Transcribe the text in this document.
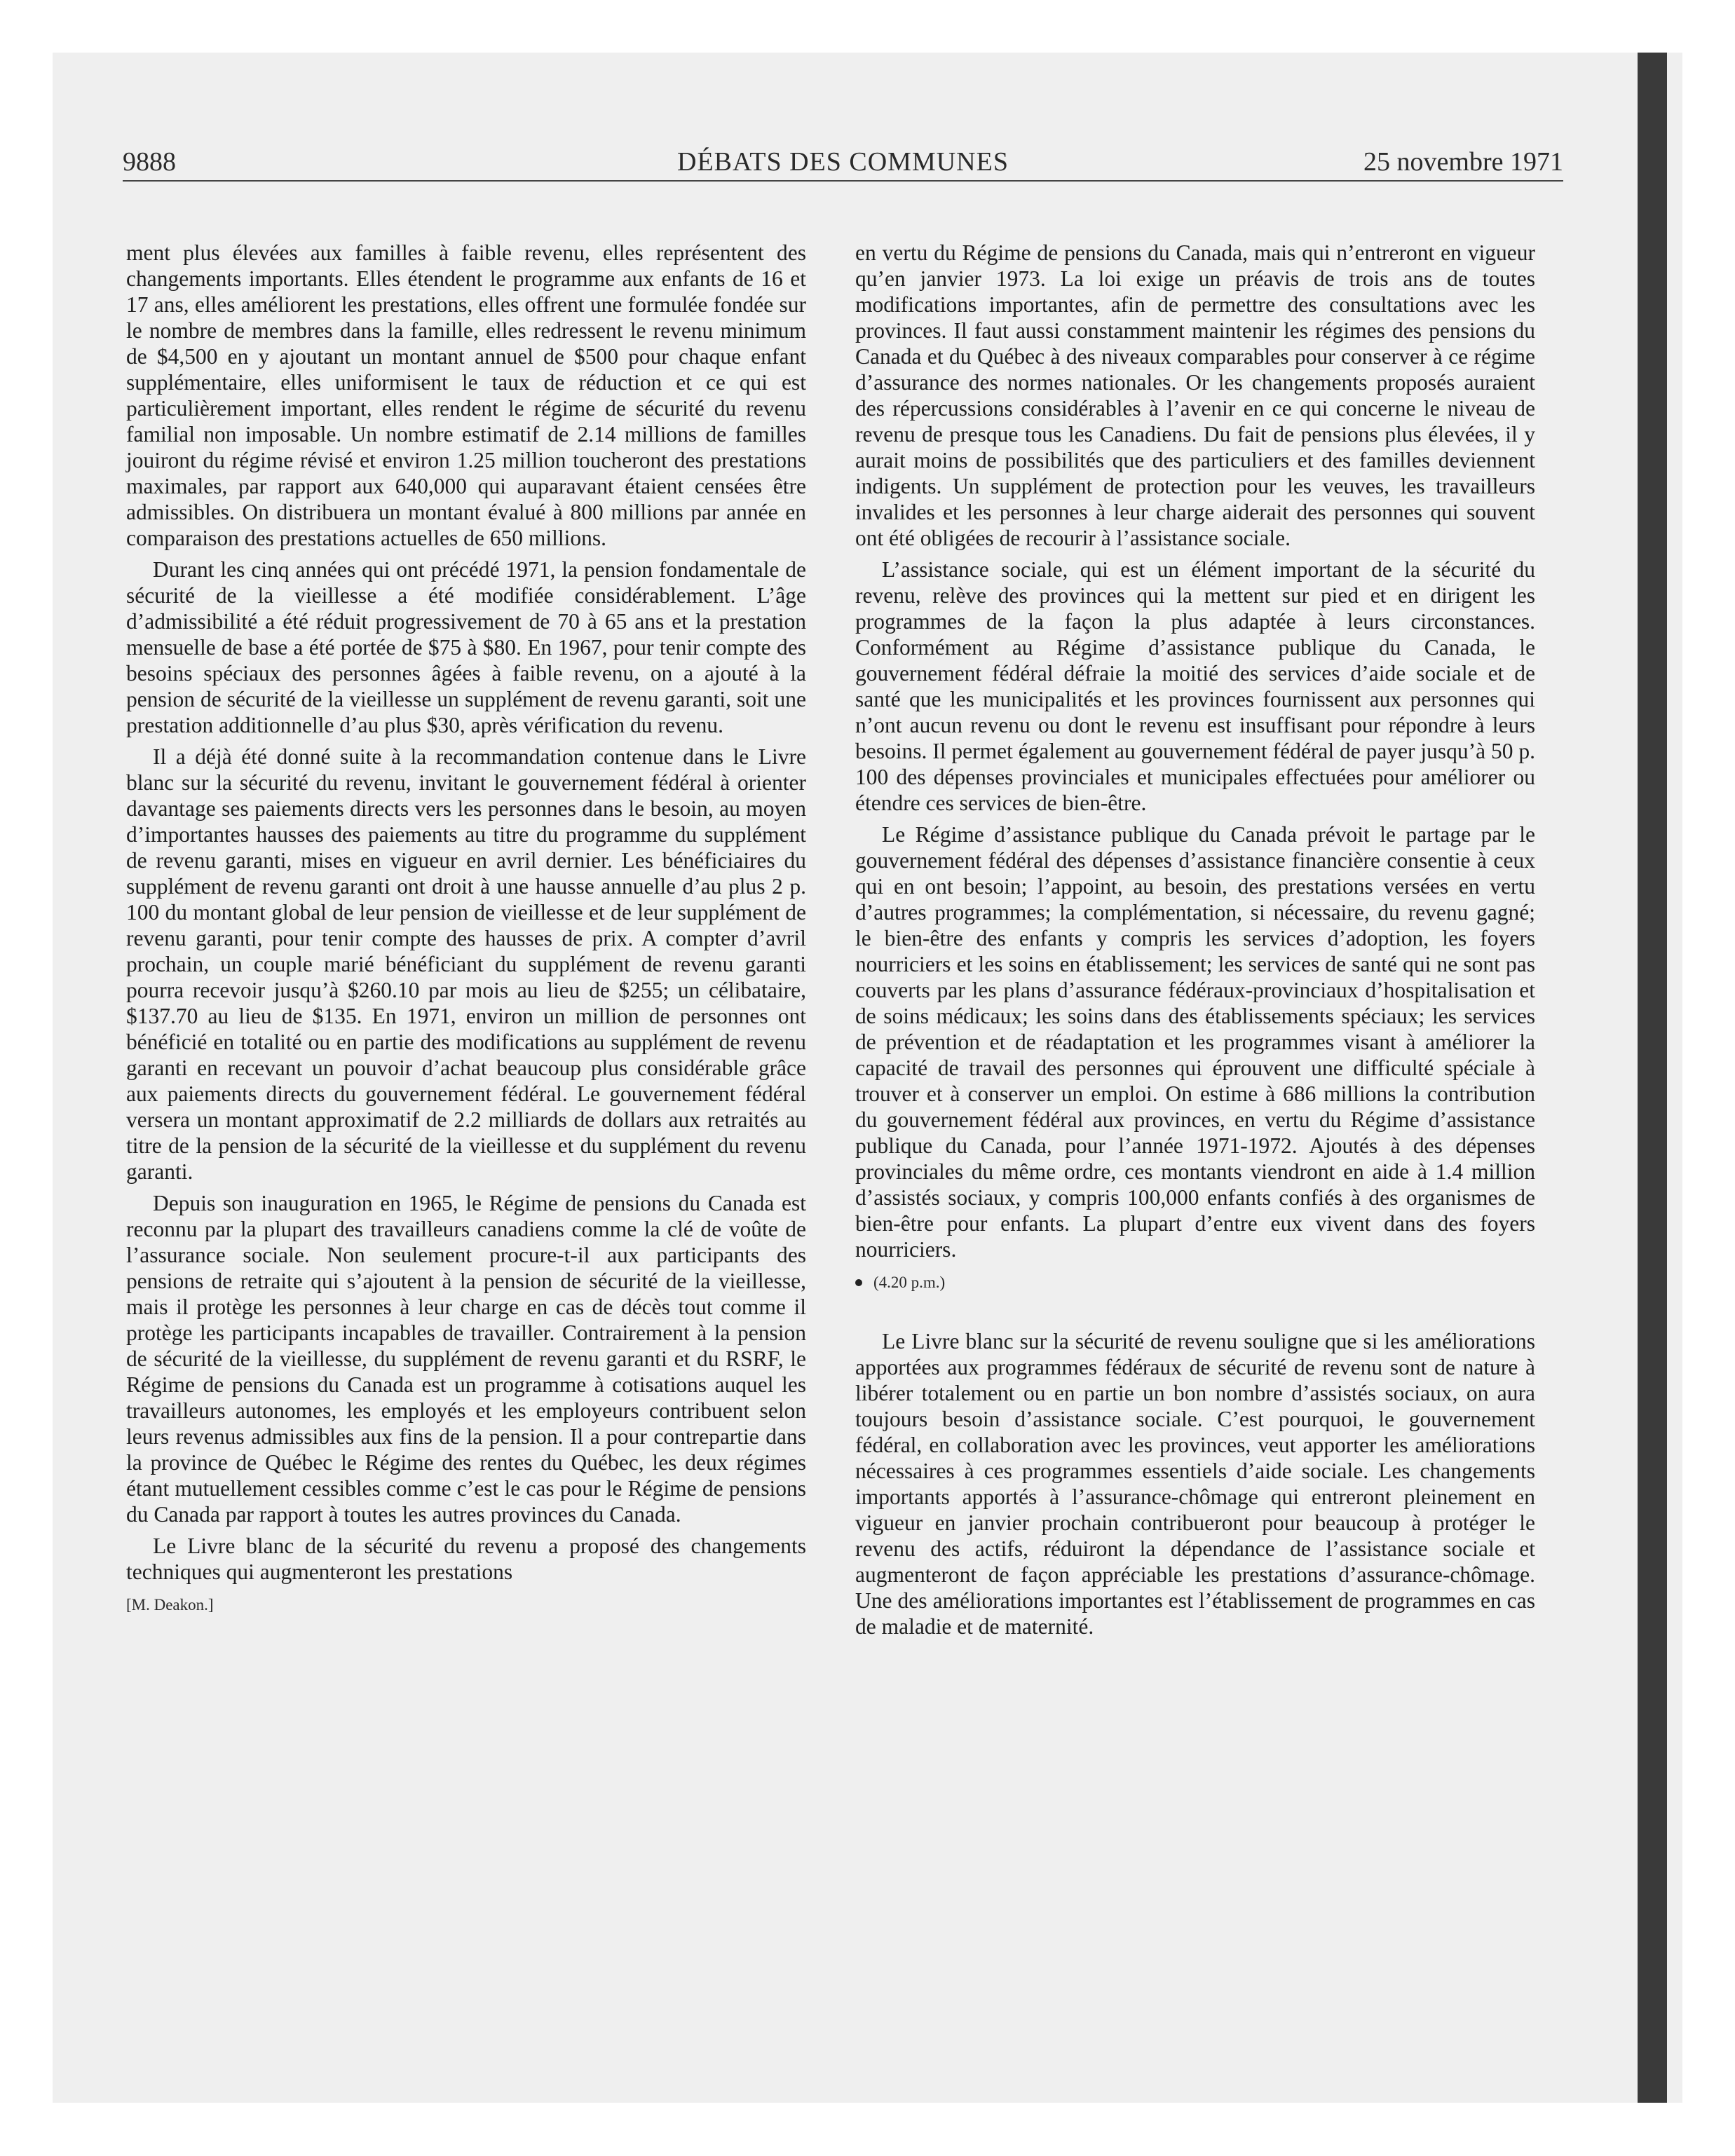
9888	DÉBATS DES COMMUNES	25 novembre 1971

ment plus élevées aux familles à faible revenu, elles représentent des changements importants. Elles étendent le programme aux enfants de 16 et 17 ans, elles améliorent les prestations, elles offrent une formulée fondée sur le nombre de membres dans la famille, elles redressent le revenu minimum de $4,500 en y ajoutant un montant annuel de $500 pour chaque enfant supplémentaire, elles uniformisent le taux de réduction et ce qui est particulièrement important, elles rendent le régime de sécurité du revenu familial non imposable. Un nombre estimatif de 2.14 millions de familles jouiront du régime révisé et environ 1.25 million toucheront des prestations maximales, par rapport aux 640,000 qui auparavant étaient censées être admissibles. On distribuera un montant évalué à 800 millions par année en comparaison des prestations actuelles de 650 millions.

Durant les cinq années qui ont précédé 1971, la pension fondamentale de sécurité de la vieillesse a été modifiée considérablement. L’âge d’admissibilité a été réduit progressivement de 70 à 65 ans et la prestation mensuelle de base a été portée de $75 à $80. En 1967, pour tenir compte des besoins spéciaux des personnes âgées à faible revenu, on a ajouté à la pension de sécurité de la vieillesse un supplément de revenu garanti, soit une prestation additionnelle d’au plus $30, après vérification du revenu.

Il a déjà été donné suite à la recommandation contenue dans le Livre blanc sur la sécurité du revenu, invitant le gouvernement fédéral à orienter davantage ses paiements directs vers les personnes dans le besoin, au moyen d’importantes hausses des paiements au titre du programme du supplément de revenu garanti, mises en vigueur en avril dernier. Les bénéficiaires du supplément de revenu garanti ont droit à une hausse annuelle d’au plus 2 p. 100 du montant global de leur pension de vieillesse et de leur supplément de revenu garanti, pour tenir compte des hausses de prix. A compter d’avril prochain, un couple marié bénéficiant du supplément de revenu garanti pourra recevoir jusqu’à $260.10 par mois au lieu de $255; un célibataire, $137.70 au lieu de $135. En 1971, environ un million de personnes ont bénéficié en totalité ou en partie des modifications au supplément de revenu garanti en recevant un pouvoir d’achat beaucoup plus considérable grâce aux paiements directs du gouvernement fédéral. Le gouvernement fédéral versera un montant approximatif de 2.2 milliards de dollars aux retraités au titre de la pension de la sécurité de la vieillesse et du supplément du revenu garanti.

Depuis son inauguration en 1965, le Régime de pensions du Canada est reconnu par la plupart des travailleurs canadiens comme la clé de voûte de l’assurance sociale. Non seulement procure-t-il aux participants des pensions de retraite qui s’ajoutent à la pension de sécurité de la vieillesse, mais il protège les personnes à leur charge en cas de décès tout comme il protège les participants incapables de travailler. Contrairement à la pension de sécurité de la vieillesse, du supplément de revenu garanti et du RSRF, le Régime de pensions du Canada est un programme à cotisations auquel les travailleurs autonomes, les employés et les employeurs contribuent selon leurs revenus admissibles aux fins de la pension. Il a pour contrepartie dans la province de Québec le Régime des rentes du Québec, les deux régimes étant mutuellement cessibles comme c’est le cas pour le Régime de pensions du Canada par rapport à toutes les autres provinces du Canada.

Le Livre blanc de la sécurité du revenu a proposé des changements techniques qui augmenteront les prestations

[M. Deakon.]

en vertu du Régime de pensions du Canada, mais qui n’entreront en vigueur qu’en janvier 1973. La loi exige un préavis de trois ans de toutes modifications importantes, afin de permettre des consultations avec les provinces. Il faut aussi constamment maintenir les régimes des pensions du Canada et du Québec à des niveaux comparables pour conserver à ce régime d’assurance des normes nationales. Or les changements proposés auraient des répercussions considérables à l’avenir en ce qui concerne le niveau de revenu de presque tous les Canadiens. Du fait de pensions plus élevées, il y aurait moins de possibilités que des particuliers et des familles deviennent indigents. Un supplément de protection pour les veuves, les travailleurs invalides et les personnes à leur charge aiderait des personnes qui souvent ont été obligées de recourir à l’assistance sociale.

L’assistance sociale, qui est un élément important de la sécurité du revenu, relève des provinces qui la mettent sur pied et en dirigent les programmes de la façon la plus adaptée à leurs circonstances. Conformément au Régime d’assistance publique du Canada, le gouvernement fédéral défraie la moitié des services d’aide sociale et de santé que les municipalités et les provinces fournissent aux personnes qui n’ont aucun revenu ou dont le revenu est insuffisant pour répondre à leurs besoins. Il permet également au gouvernement fédéral de payer jusqu’à 50 p. 100 des dépenses provinciales et municipales effectuées pour améliorer ou étendre ces services de bien-être.

Le Régime d’assistance publique du Canada prévoit le partage par le gouvernement fédéral des dépenses d’assistance financière consentie à ceux qui en ont besoin; l’appoint, au besoin, des prestations versées en vertu d’autres programmes; la complémentation, si nécessaire, du revenu gagné; le bien-être des enfants y compris les services d’adoption, les foyers nourriciers et les soins en établissement; les services de santé qui ne sont pas couverts par les plans d’assurance fédéraux-provinciaux d’hospitalisation et de soins médicaux; les soins dans des établissements spéciaux; les services de prévention et de réadaptation et les programmes visant à améliorer la capacité de travail des personnes qui éprouvent une difficulté spéciale à trouver et à conserver un emploi. On estime à 686 millions la contribution du gouvernement fédéral aux provinces, en vertu du Régime d’assistance publique du Canada, pour l’année 1971-1972. Ajoutés à des dépenses provinciales du même ordre, ces montants viendront en aide à 1.4 million d’assistés sociaux, y compris 100,000 enfants confiés à des organismes de bien-être pour enfants. La plupart d’entre eux vivent dans des foyers nourriciers.

(4.20 p.m.)

Le Livre blanc sur la sécurité de revenu souligne que si les améliorations apportées aux programmes fédéraux de sécurité de revenu sont de nature à libérer totalement ou en partie un bon nombre d’assistés sociaux, on aura toujours besoin d’assistance sociale. C’est pourquoi, le gouvernement fédéral, en collaboration avec les provinces, veut apporter les améliorations nécessaires à ces programmes essentiels d’aide sociale. Les changements importants apportés à l’assurance-chômage qui entreront pleinement en vigueur en janvier prochain contribueront pour beaucoup à protéger le revenu des actifs, réduiront la dépendance de l’assistance sociale et augmenteront de façon appréciable les prestations d’assurance-chômage. Une des améliorations importantes est l’établissement de programmes en cas de maladie et de maternité.
